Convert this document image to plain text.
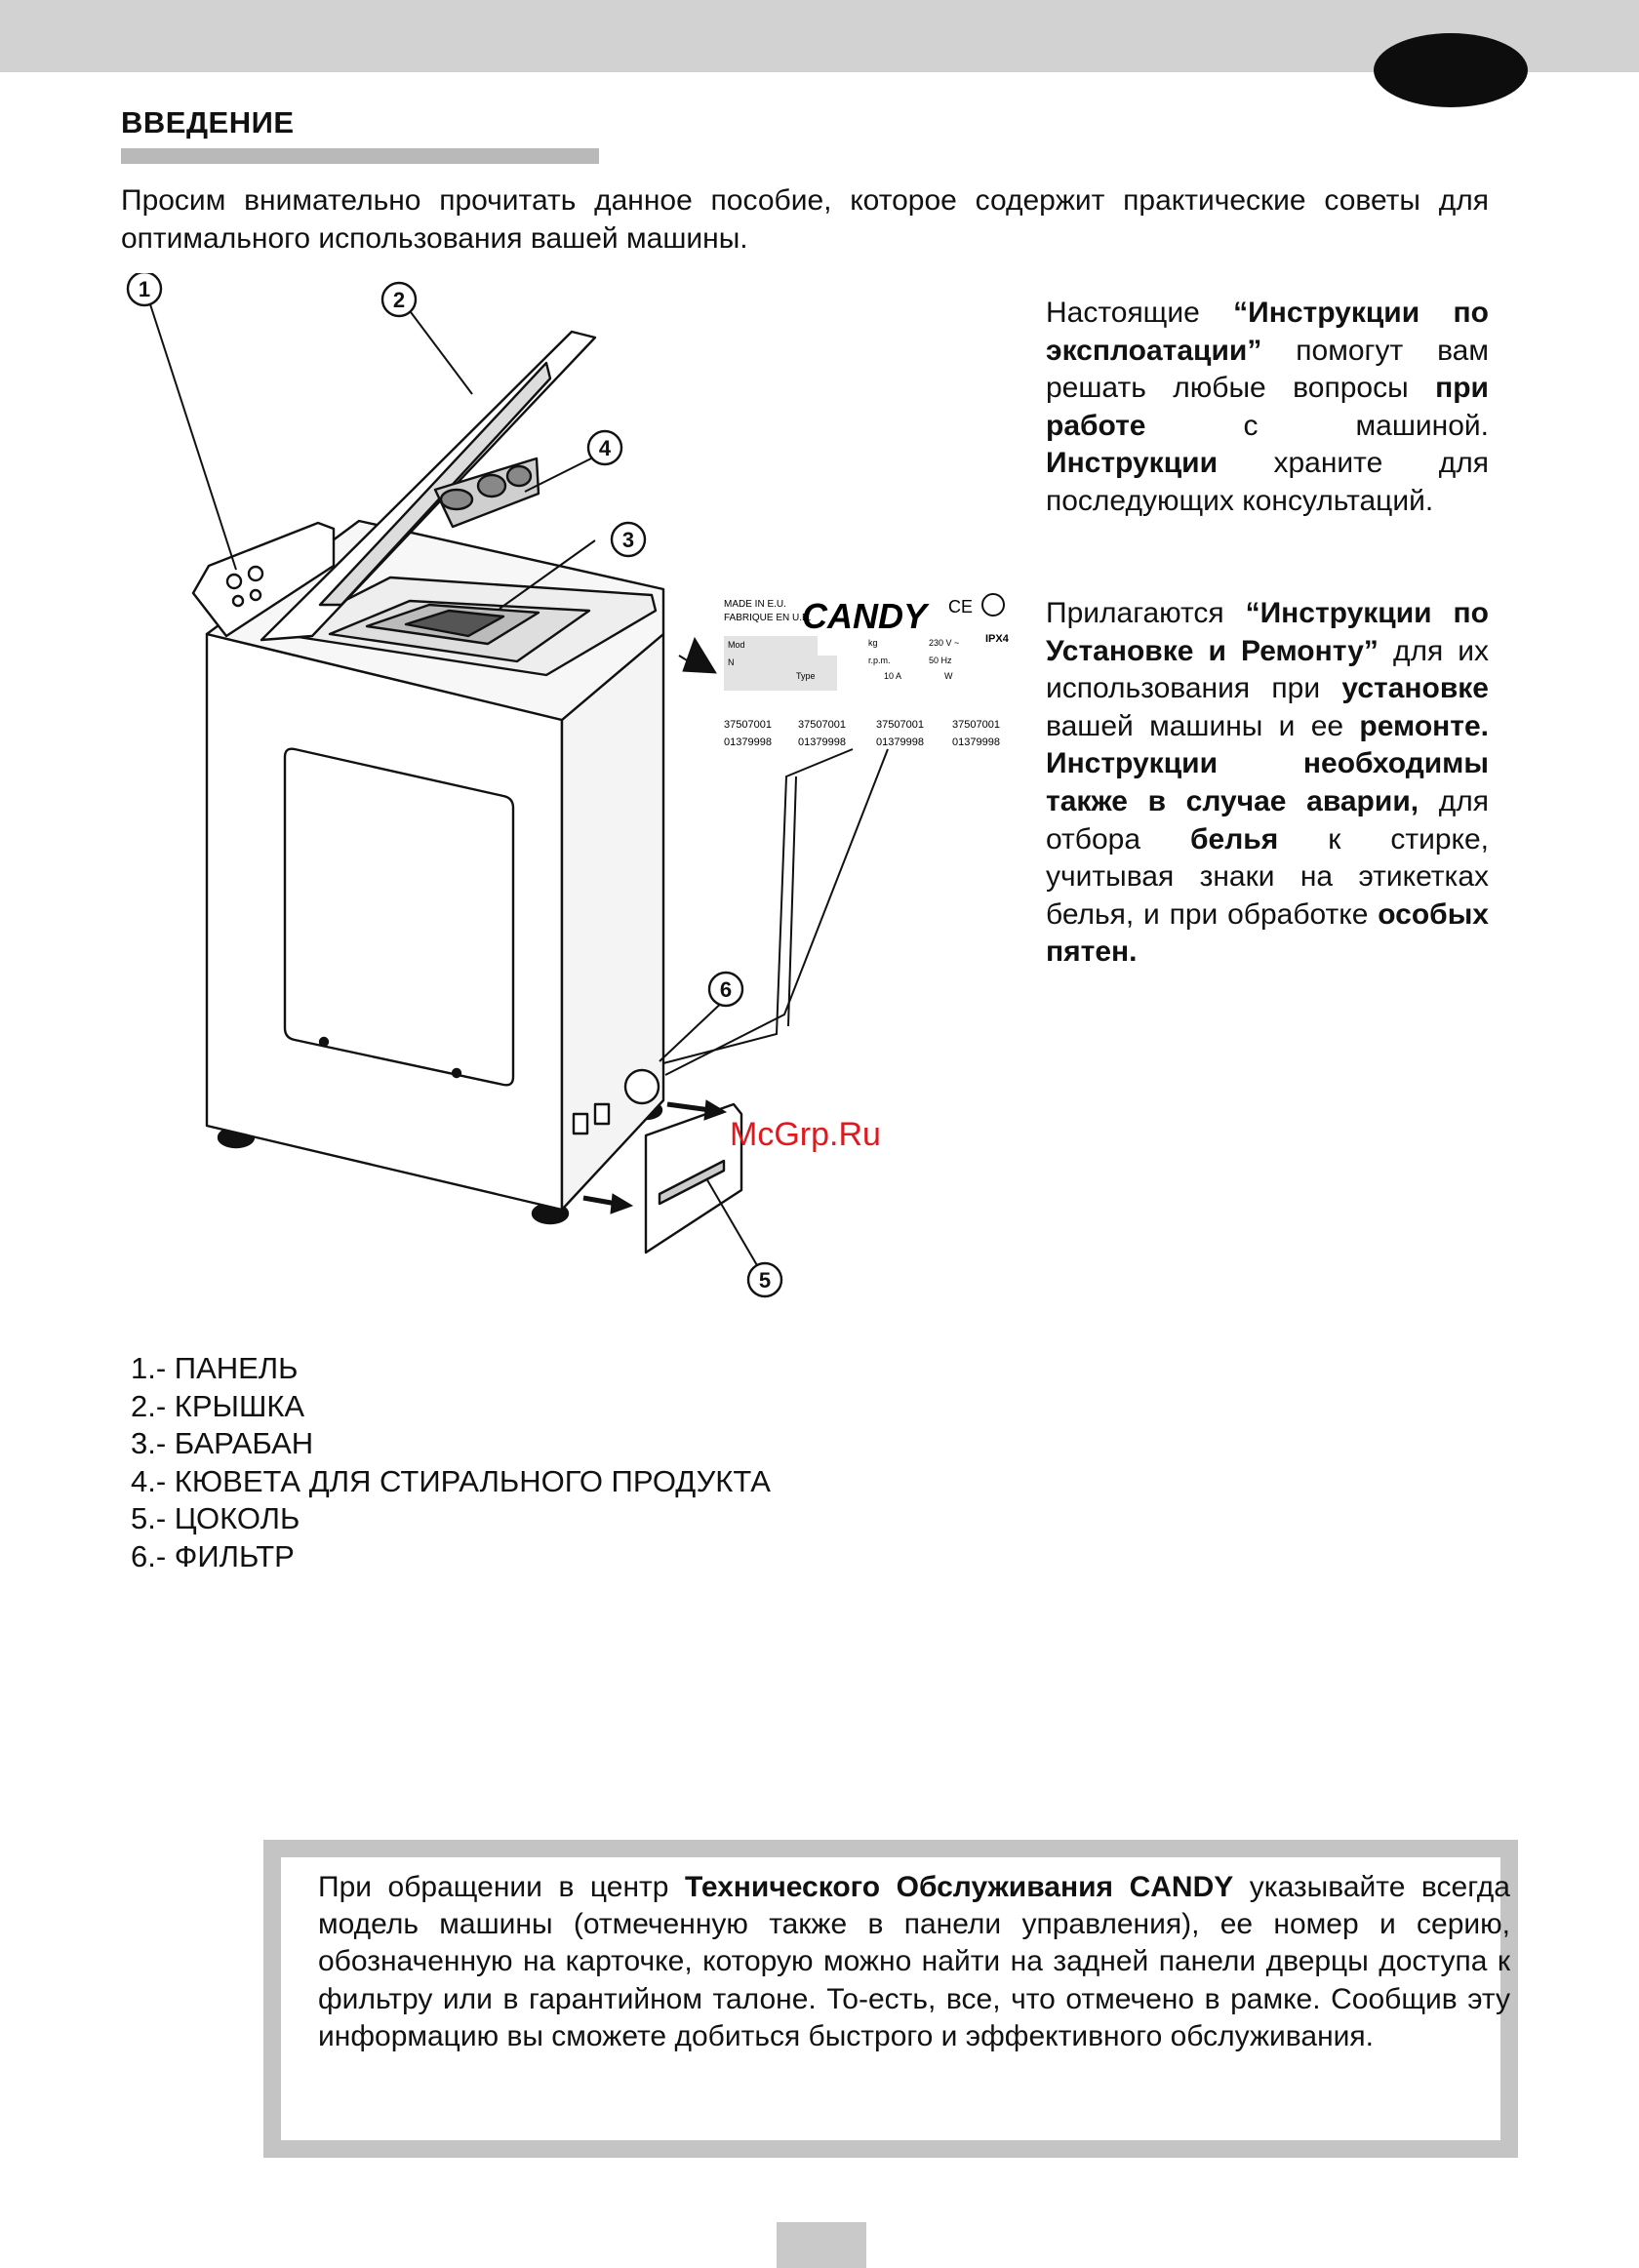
ВВЕДЕНИЕ

Просим внимательно прочитать данное пособие, которое содержит практические советы для оптимального использования вашей машины.

MADE IN E.U.
FABRIQUE EN U.E.
CANDY CE
IPX4
Mod
N
kg	230 V ~
r.p.m.	50 Hz
Type	10 A	W
37507001 37507001	37507001	37507001
01379998 01379998	01379998	01379998
1	2
3
4
5
6
McGrp.Ru

Настоящие “Инструкции по эксплоатации” помогут вам решать любые вопросы при работе с машиной. Инструкции храните для последующих консультаций.

Прилагаются “Инструкции по Установке и Ремонту” для их использования при установке вашей машины и ее ремонте. Инструкции необходимы также в случае аварии, для отбора белья к стирке, учитывая знаки на этикетках белья, и при обработке особых пятен.

1.- ПАНЕЛЬ
2.- КРЫШКА
3.- БАРАБАН
4.- КЮВЕТА ДЛЯ СТИРАЛЬНОГО ПРОДУКТА
5.- ЦОКОЛЬ
6.- ФИЛЬТР

При обращении в центр Технического Обслуживания CANDY указывайте всегда модель машины (отмеченную также в панели управления), ее номер и серию, обозначенную на карточке, которую можно найти на задней панели дверцы доступа к фильтру или в гарантийном талоне. То-есть, все, что отмечено в рамке. Сообщив эту информацию вы сможете добиться быстрого и эффективного обслуживания.
